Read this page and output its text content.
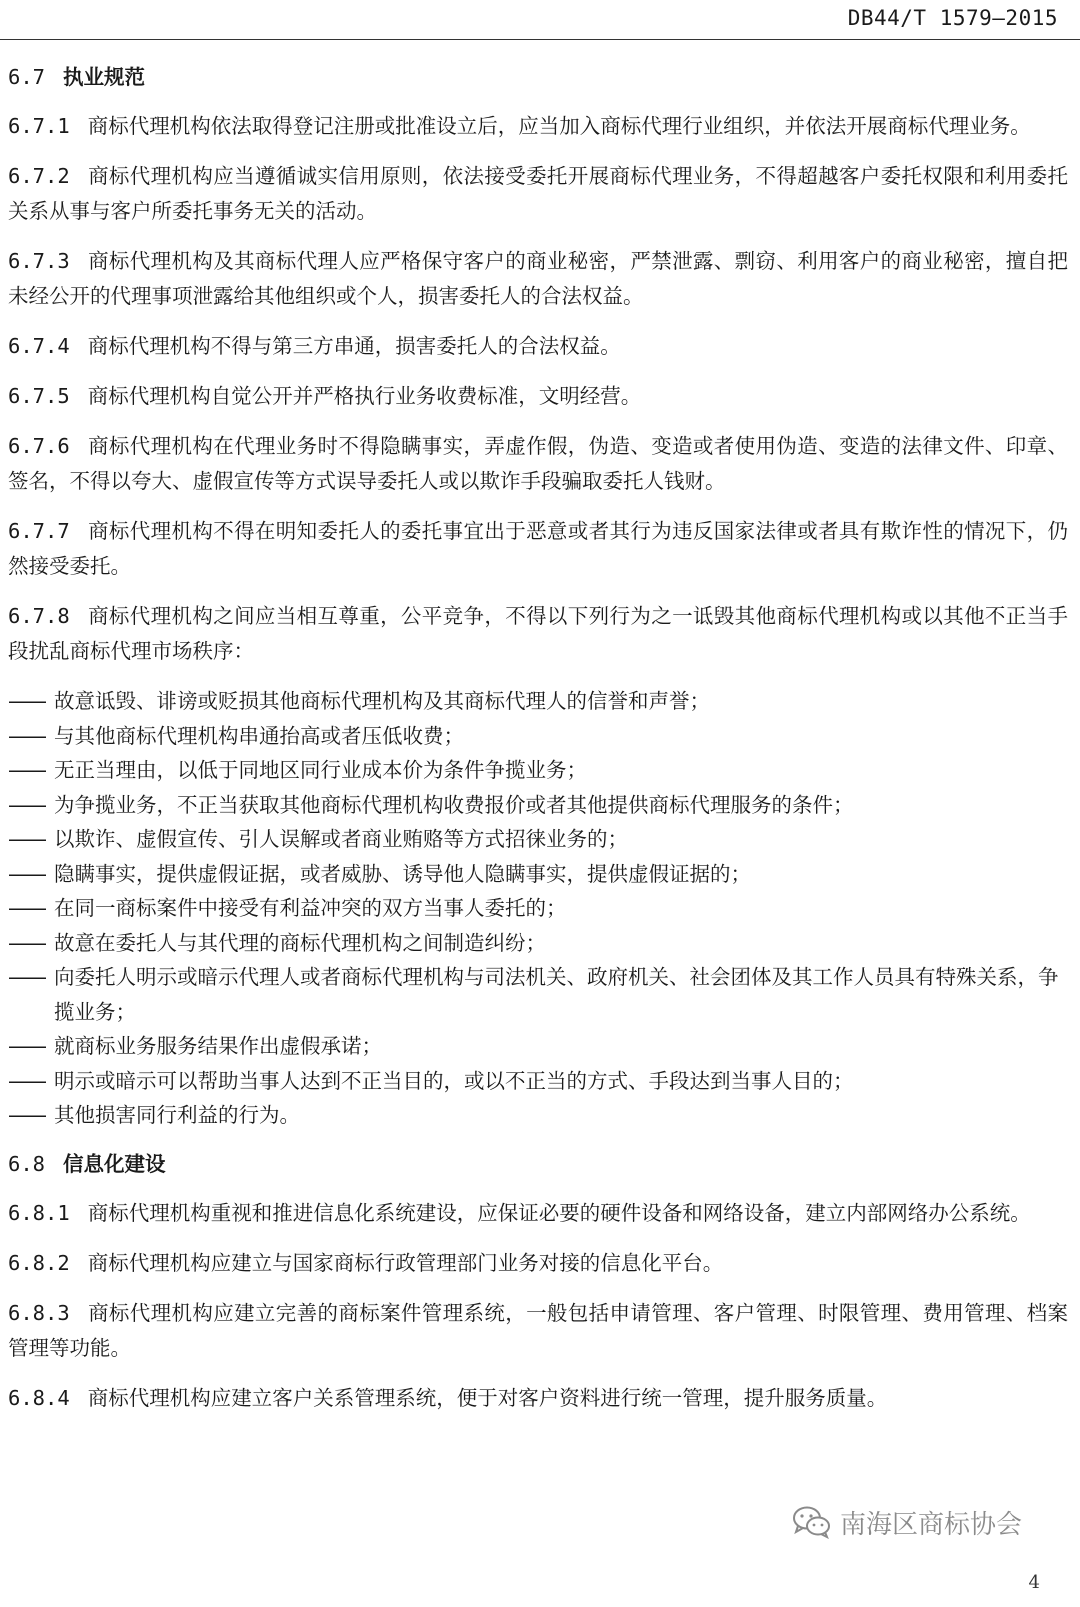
DB44/T 1579—2015
6.7 执业规范

6.7.1 商标代理机构依法取得登记注册或批准设立后，应当加入商标代理行业组织，并依法开展商标代理业务。

6.7.2 商标代理机构应当遵循诚实信用原则，依法接受委托开展商标代理业务，不得超越客户委托权限和利用委托关系从事与客户所委托事务无关的活动。

6.7.3 商标代理机构及其商标代理人应严格保守客户的商业秘密，严禁泄露、剽窃、利用客户的商业秘密，擅自把未经公开的代理事项泄露给其他组织或个人，损害委托人的合法权益。

6.7.4 商标代理机构不得与第三方串通，损害委托人的合法权益。

6.7.5 商标代理机构自觉公开并严格执行业务收费标准，文明经营。

6.7.6 商标代理机构在代理业务时不得隐瞒事实，弄虚作假，伪造、变造或者使用伪造、变造的法律文件、印章、签名，不得以夸大、虚假宣传等方式误导委托人或以欺诈手段骗取委托人钱财。

6.7.7 商标代理机构不得在明知委托人的委托事宜出于恶意或者其行为违反国家法律或者具有欺诈性的情况下，仍然接受委托。

6.7.8 商标代理机构之间应当相互尊重，公平竞争，不得以下列行为之一诋毁其他商标代理机构或以其他不正当手段扰乱商标代理市场秩序：

—— 故意诋毁、诽谤或贬损其他商标代理机构及其商标代理人的信誉和声誉；
—— 与其他商标代理机构串通抬高或者压低收费；
—— 无正当理由，以低于同地区同行业成本价为条件争揽业务；
—— 为争揽业务，不正当获取其他商标代理机构收费报价或者其他提供商标代理服务的条件；
—— 以欺诈、虚假宣传、引人误解或者商业贿赂等方式招徕业务的；
—— 隐瞒事实，提供虚假证据，或者威胁、诱导他人隐瞒事实，提供虚假证据的；
—— 在同一商标案件中接受有利益冲突的双方当事人委托的；
—— 故意在委托人与其代理的商标代理机构之间制造纠纷；
—— 向委托人明示或暗示代理人或者商标代理机构与司法机关、政府机关、社会团体及其工作人员具有特殊关系，争揽业务；
—— 就商标业务服务结果作出虚假承诺；
—— 明示或暗示可以帮助当事人达到不正当目的，或以不正当的方式、手段达到当事人目的；
—— 其他损害同行利益的行为。
6.8 信息化建设

6.8.1 商标代理机构重视和推进信息化系统建设，应保证必要的硬件设备和网络设备，建立内部网络办公系统。

6.8.2 商标代理机构应建立与国家商标行政管理部门业务对接的信息化平台。

6.8.3 商标代理机构应建立完善的商标案件管理系统，一般包括申请管理、客户管理、时限管理、费用管理、档案管理等功能。

6.8.4 商标代理机构应建立客户关系管理系统，便于对客户资料进行统一管理，提升服务质量。

南海区商标协会
4
